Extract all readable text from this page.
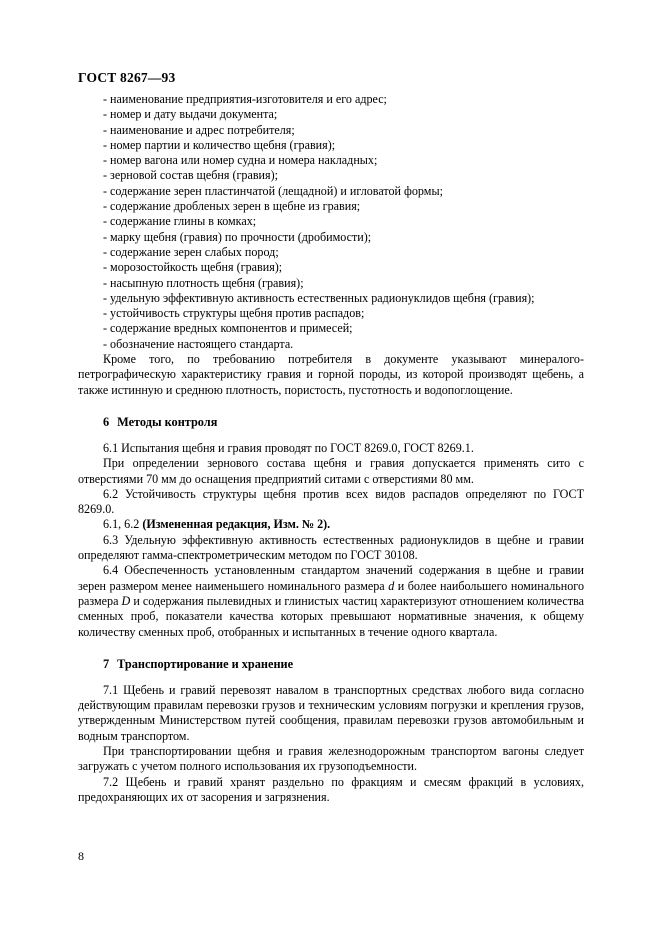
ГОСТ 8267—93
- наименование предприятия-изготовителя и его адрес;
- номер и дату выдачи документа;
- наименование и адрес потребителя;
- номер партии и количество щебня (гравия);
- номер вагона или номер судна и номера накладных;
- зерновой состав щебня (гравия);
- содержание зерен пластинчатой (лещадной) и игловатой формы;
- содержание дробленых зерен в щебне из гравия;
- содержание глины в комках;
- марку щебня (гравия) по прочности (дробимости);
- содержание зерен слабых пород;
- морозостойкость щебня (гравия);
- насыпную плотность щебня (гравия);
- удельную эффективную активность естественных радионуклидов щебня (гравия);
- устойчивость структуры щебня против распадов;
- содержание вредных компонентов и примесей;
- обозначение настоящего стандарта.

Кроме того, по требованию потребителя в документе указывают минералого-петрографическую характеристику гравия и горной породы, из которой производят щебень, а также истинную и среднюю плотность, пористость, пустотность и водопоглощение.

6 Методы контроля

6.1 Испытания щебня и гравия проводят по ГОСТ 8269.0, ГОСТ 8269.1.

При определении зернового состава щебня и гравия допускается применять сито с отверстиями 70 мм до оснащения предприятий ситами с отверстиями 80 мм.

6.2 Устойчивость структуры щебня против всех видов распадов определяют по ГОСТ 8269.0.

6.1, 6.2 (Измененная редакция, Изм. № 2).

6.3 Удельную эффективную активность естественных радионуклидов в щебне и гравии определяют гамма-спектрометрическим методом по ГОСТ 30108.

6.4 Обеспеченность установленным стандартом значений содержания в щебне и гравии зерен размером менее наименьшего номинального размера d и более наибольшего номинального размера D и содержания пылевидных и глинистых частиц характеризуют отношением количества сменных проб, показатели качества которых превышают нормативные значения, к общему количеству сменных проб, отобранных и испытанных в течение одного квартала.

7 Транспортирование и хранение

7.1 Щебень и гравий перевозят навалом в транспортных средствах любого вида согласно действующим правилам перевозки грузов и техническим условиям погрузки и крепления грузов, утвержденным Министерством путей сообщения, правилам перевозки грузов автомобильным и водным транспортом.

При транспортировании щебня и гравия железнодорожным транспортом вагоны следует загружать с учетом полного использования их грузоподъемности.

7.2 Щебень и гравий хранят раздельно по фракциям и смесям фракций в условиях, предохраняющих их от засорения и загрязнения.

8
